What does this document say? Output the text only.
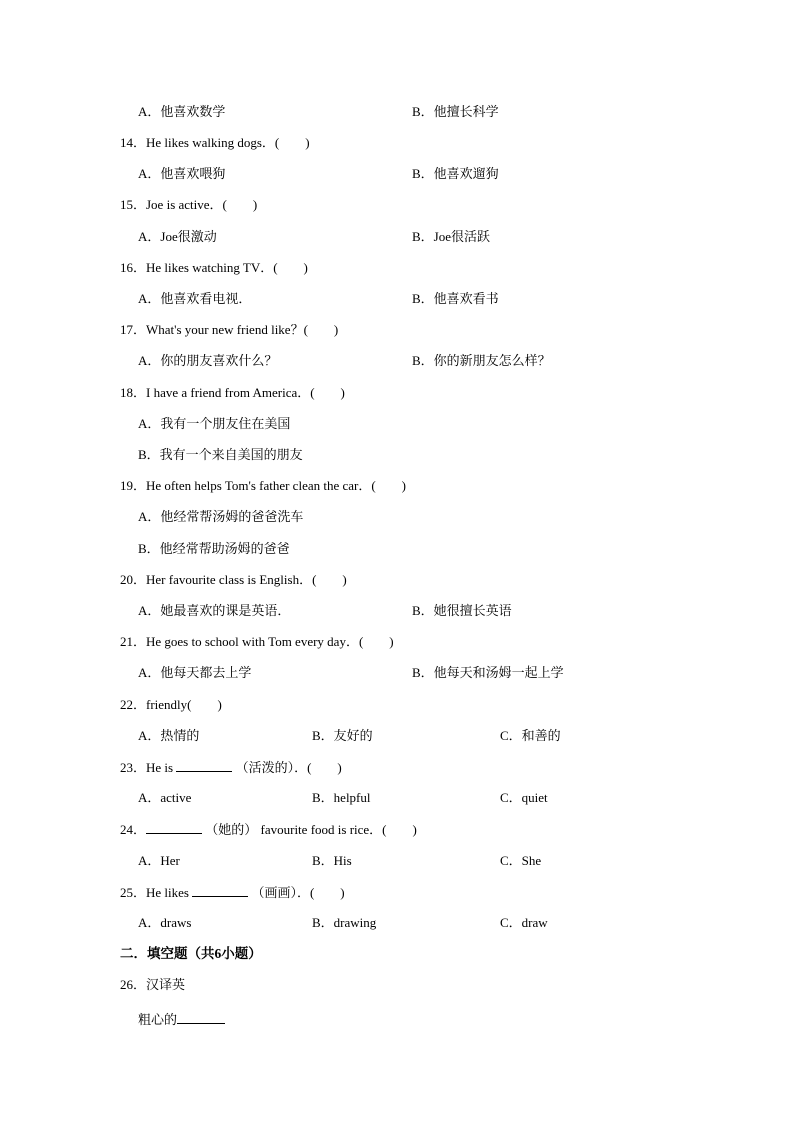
A．他喜欢数学	B．他擅长科学
14．He likes walking dogs．(　　)
A．他喜欢喂狗	B．他喜欢遛狗
15．Joe is active．(　　)
A．Joe很激动	B．Joe很活跃
16．He likes watching TV．(　　)
A．他喜欢看电视．	B．他喜欢看书
17．What's your new friend like？(　　)
A．你的朋友喜欢什么？	B．你的新朋友怎么样？
18．I have a friend from America．(　　)
A．我有一个朋友住在美国
B．我有一个来自美国的朋友
19．He often helps Tom's father clean the car．(　　)
A．他经常帮汤姆的爸爸洗车
B．他经常帮助汤姆的爸爸
20．Her favourite class is English．(　　)
A．她最喜欢的课是英语．	B．她很擅长英语
21．He goes to school with Tom every day．(　　)
A．他每天都去上学	B．他每天和汤姆一起上学
22．friendly(　　)
A．热情的	B．友好的	C．和善的
23．He is	（活泼的）．(　　)
A．active	B．helpful	C．quiet
24．	（她的） favourite food is rice．(　　)
A．Her	B．His	C．She
25．He likes	（画画）．(　　)
A．draws	B．drawing	C．draw
二．填空题（共6小题）
26．汉译英
粗心的
